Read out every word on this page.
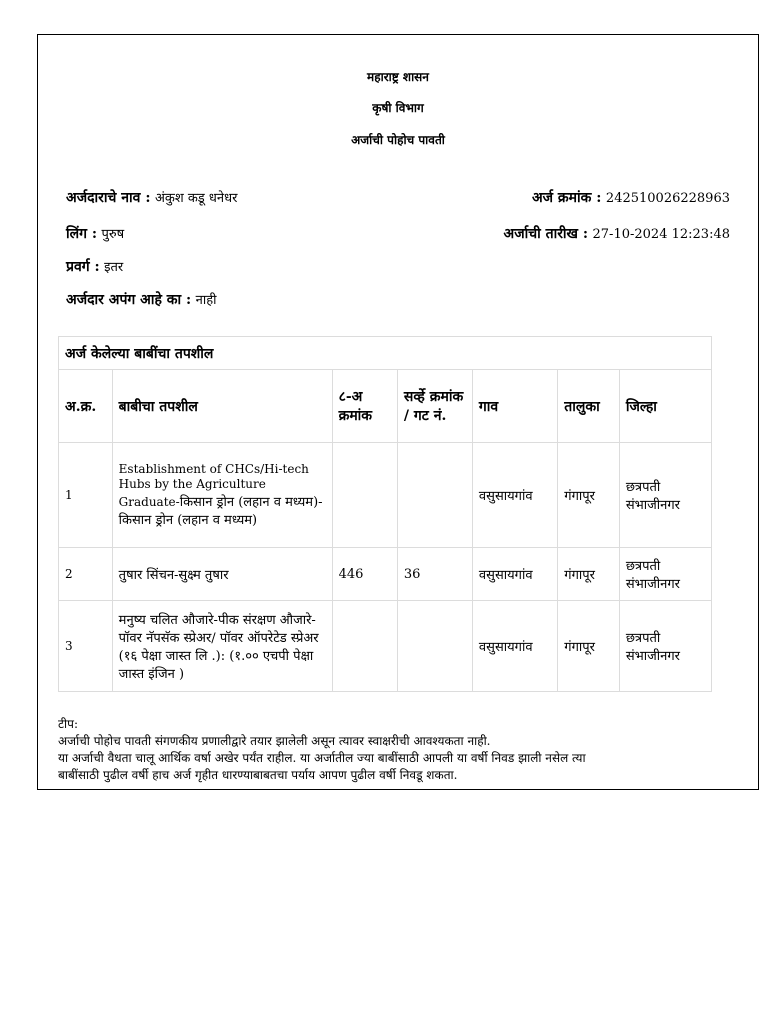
महाराष्ट्र शासन
कृषी विभाग
अर्जाची पोहोच पावती
अर्जदाराचे नाव : अंकुश कडू धनेधर	अर्ज क्रमांक : 242510026228963
लिंग : पुरुष	अर्जाची तारीख : 27-10-2024 12:23:48
प्रवर्ग : इतर
अर्जदार अपंग आहे का : नाही
अर्ज केलेल्या बाबींचा तपशील						
अ.क्र.	बाबीचा तपशील	८-अ क्रमांक	सर्व्हे क्रमांक / गट नं.	गाव	तालुका	जिल्हा
1	Establishment of CHCs/Hi-tech Hubs by the Agriculture Graduate-किसान ड्रोन (लहान व मध्यम)-किसान ड्रोन (लहान व मध्यम)			वसुसायगांव	गंगापूर	छत्रपती संभाजीनगर
2	तुषार सिंचन-सुक्ष्म तुषार	446	36	वसुसायगांव	गंगापूर	छत्रपती संभाजीनगर
3	मनुष्य चलित औजारे-पीक संरक्षण औजारे-पॉवर नॅपसॅक स्प्रेअर/ पॉवर ऑपरेटेड स्प्रेअर (१६ पेक्षा जास्त लि .): (१.०० एचपी पेक्षा जास्त इंजिन )			वसुसायगांव	गंगापूर	छत्रपती संभाजीनगर
टीप:
अर्जाची पोहोच पावती संगणकीय प्रणालीद्वारे तयार झालेली असून त्यावर स्वाक्षरीची आवश्यकता नाही.
या अर्जाची वैधता चालू आर्थिक वर्षा अखेर पर्यंत राहील. या अर्जातील ज्या बाबींसाठी आपली या वर्षी निवड झाली नसेल त्या
बाबींसाठी पुढील वर्षी हाच अर्ज गृहीत धारण्याबाबतचा पर्याय आपण पुढील वर्षी निवडू शकता.
